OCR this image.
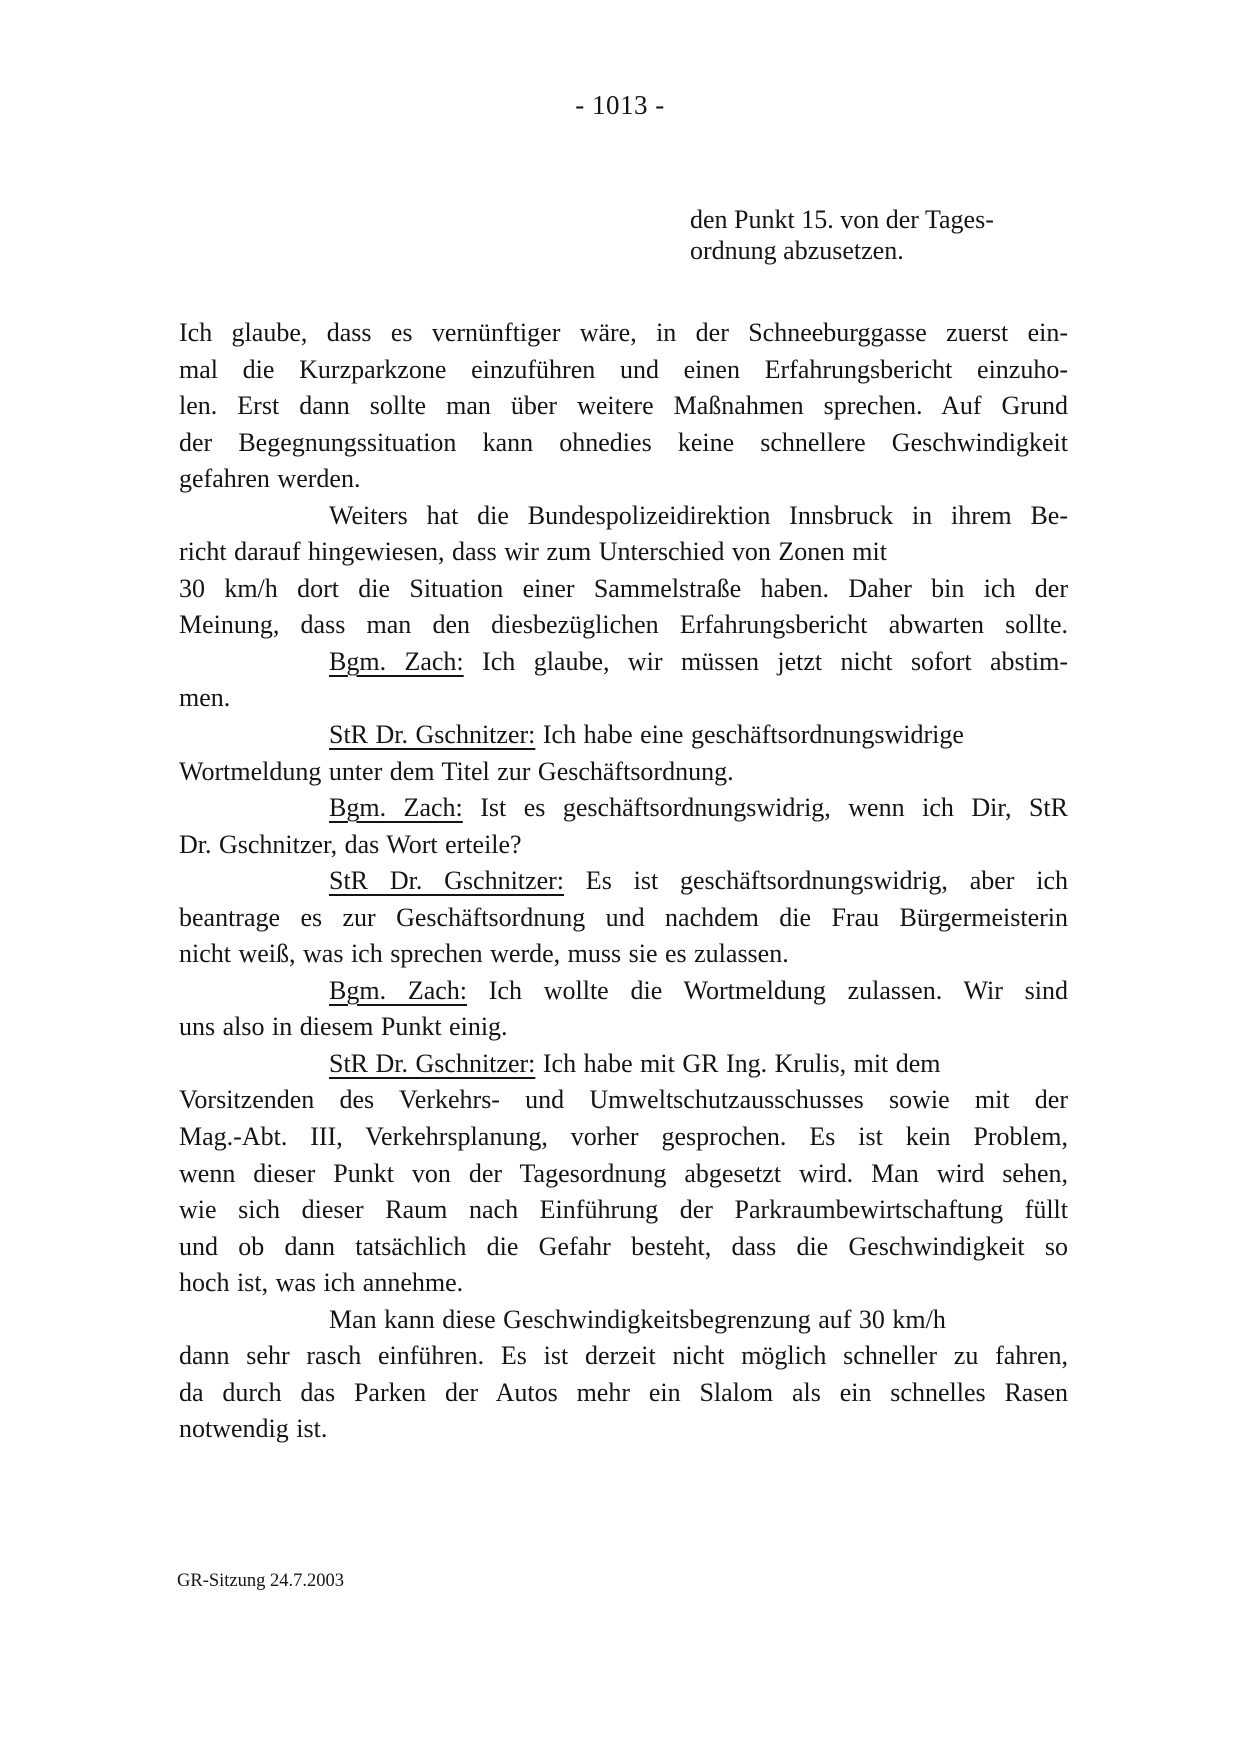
- 1013 -
den Punkt 15. von der Tages-
ordnung abzusetzen.
Ich glaube, dass es vernünftiger wäre, in der Schneeburggasse zuerst ein-
mal die Kurzparkzone einzuführen und einen Erfahrungsbericht einzuho-
len. Erst dann sollte man über weitere Maßnahmen sprechen. Auf Grund
der Begegnungssituation kann ohnedies keine schnellere Geschwindigkeit
gefahren werden.
Weiters hat die Bundespolizeidirektion Innsbruck in ihrem Be-
richt darauf hingewiesen, dass wir zum Unterschied von Zonen mit
30 km/h dort die Situation einer Sammelstraße haben. Daher bin ich der
Meinung, dass man den diesbezüglichen Erfahrungsbericht abwarten sollte.
Bgm. Zach: Ich glaube, wir müssen jetzt nicht sofort abstim-
men.
StR Dr. Gschnitzer: Ich habe eine geschäftsordnungswidrige
Wortmeldung unter dem Titel zur Geschäftsordnung.
Bgm. Zach: Ist es geschäftsordnungswidrig, wenn ich Dir, StR
Dr. Gschnitzer, das Wort erteile?
StR Dr. Gschnitzer: Es ist geschäftsordnungswidrig, aber ich
beantrage es zur Geschäftsordnung und nachdem die Frau Bürgermeisterin
nicht weiß, was ich sprechen werde, muss sie es zulassen.
Bgm. Zach: Ich wollte die Wortmeldung zulassen. Wir sind
uns also in diesem Punkt einig.
StR Dr. Gschnitzer: Ich habe mit GR Ing. Krulis, mit dem
Vorsitzenden des Verkehrs- und Umweltschutzausschusses sowie mit der
Mag.-Abt. III, Verkehrsplanung, vorher gesprochen. Es ist kein Problem,
wenn dieser Punkt von der Tagesordnung abgesetzt wird. Man wird sehen,
wie sich dieser Raum nach Einführung der Parkraumbewirtschaftung füllt
und ob dann tatsächlich die Gefahr besteht, dass die Geschwindigkeit so
hoch ist, was ich annehme.
Man kann diese Geschwindigkeitsbegrenzung auf 30 km/h
dann sehr rasch einführen. Es ist derzeit nicht möglich schneller zu fahren,
da durch das Parken der Autos mehr ein Slalom als ein schnelles Rasen
notwendig ist.
GR-Sitzung 24.7.2003
